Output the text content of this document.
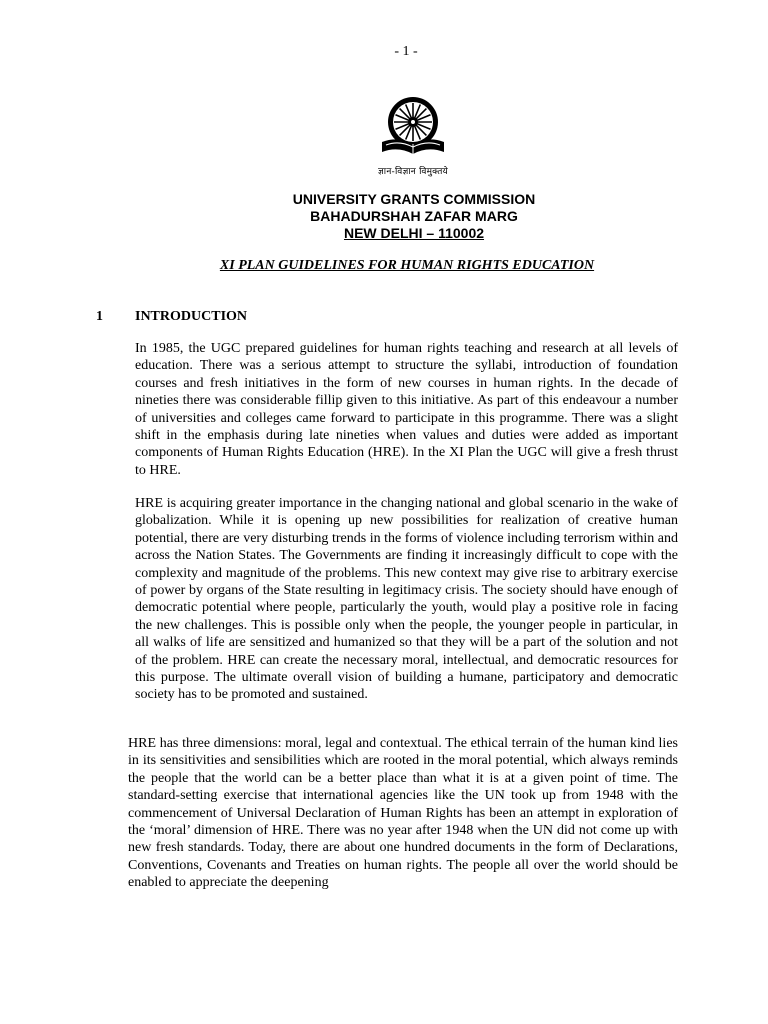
- 1 -
ज्ञान-विज्ञान विमुक्तये
UNIVERSITY GRANTS COMMISSION
BAHADURSHAH ZAFAR MARG
NEW DELHI – 110002
XI PLAN GUIDELINES FOR HUMAN RIGHTS EDUCATION
1 INTRODUCTION

In 1985, the UGC prepared guidelines for human rights teaching and research at all levels of education. There was a serious attempt to structure the syllabi, introduction of foundation courses and fresh initiatives in the form of new courses in human rights. In the decade of nineties there was considerable fillip given to this initiative. As part of this endeavour a number of universities and colleges came forward to participate in this programme. There was a slight shift in the emphasis during late nineties when values and duties were added as important components of Human Rights Education (HRE). In the XI Plan the UGC will give a fresh thrust to HRE.

HRE is acquiring greater importance in the changing national and global scenario in the wake of globalization. While it is opening up new possibilities for realization of creative human potential, there are very disturbing trends in the forms of violence including terrorism within and across the Nation States. The Governments are finding it increasingly difficult to cope with the complexity and magnitude of the problems. This new context may give rise to arbitrary exercise of power by organs of the State resulting in legitimacy crisis. The society should have enough of democratic potential where people, particularly the youth, would play a positive role in facing the new challenges. This is possible only when the people, the younger people in particular, in all walks of life are sensitized and humanized so that they will be a part of the solution and not of the problem. HRE can create the necessary moral, intellectual, and democratic resources for this purpose. The ultimate overall vision of building a humane, participatory and democratic society has to be promoted and sustained.

HRE has three dimensions: moral, legal and contextual. The ethical terrain of the human kind lies in its sensitivities and sensibilities which are rooted in the moral potential, which always reminds the people that the world can be a better place than what it is at a given point of time. The standard-setting exercise that international agencies like the UN took up from 1948 with the commencement of Universal Declaration of Human Rights has been an attempt in exploration of the ‘moral’ dimension of HRE. There was no year after 1948 when the UN did not come up with new fresh standards. Today, there are about one hundred documents in the form of Declarations, Conventions, Covenants and Treaties on human rights. The people all over the world should be enabled to appreciate the deepening
